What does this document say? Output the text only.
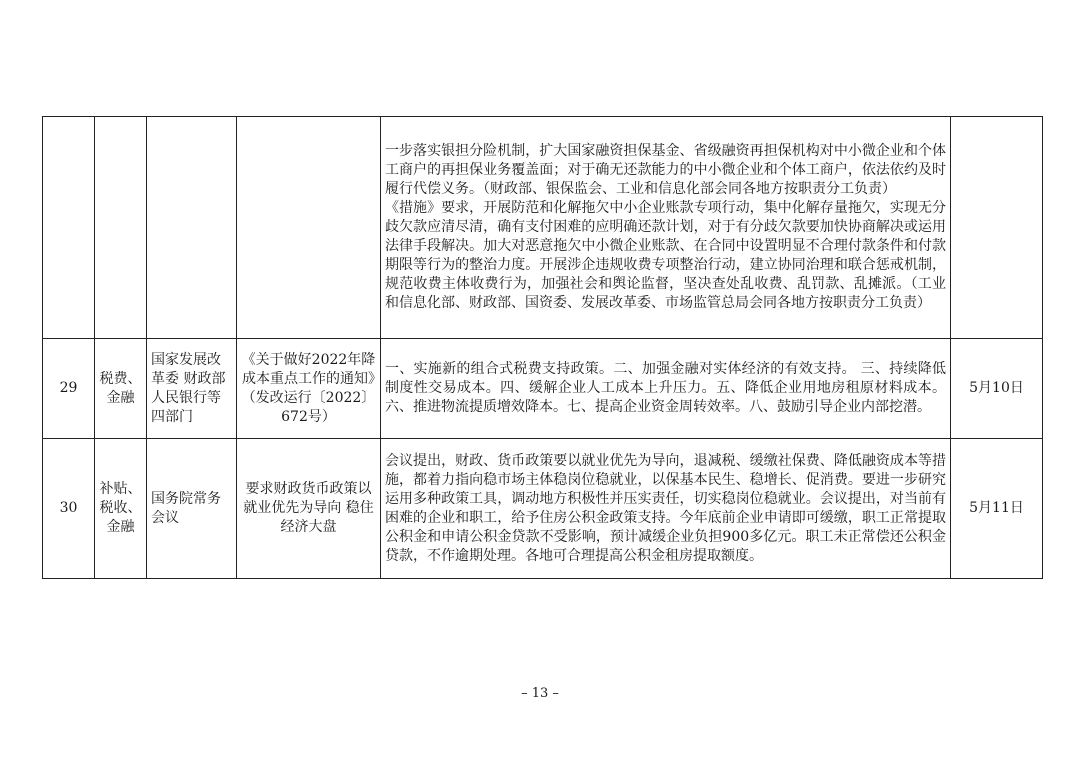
				一步落实银担分险机制，扩大国家融资担保基金、省级融资再担保机构对中小微企业和个体工商户的再担保业务覆盖面；对于确无还款能力的中小微企业和个体工商户，依法依约及时履行代偿义务。（财政部、银保监会、工业和信息化部会同各地方按职责分工负责）
《措施》要求，开展防范和化解拖欠中小企业账款专项行动，集中化解存量拖欠，实现无分歧欠款应清尽清，确有支付困难的应明确还款计划，对于有分歧欠款要加快协商解决或运用法律手段解决。加大对恶意拖欠中小微企业账款、在合同中设置明显不合理付款条件和付款期限等行为的整治力度。开展涉企违规收费专项整治行动，建立协同治理和联合惩戒机制，规范收费主体收费行为，加强社会和舆论监督，坚决查处乱收费、乱罚款、乱摊派。（工业和信息化部、财政部、国资委、发展改革委、市场监管总局会同各地方按职责分工负责）	

29	税费、金融	国家发展改革委 财政部 人民银行等四部门	《关于做好2022年降成本重点工作的通知》（发改运行〔2022〕672号）	一、实施新的组合式税费支持政策。二、加强金融对实体经济的有效支持。 三、持续降低制度性交易成本。四、缓解企业人工成本上升压力。五、降低企业用地房租原材料成本。六、推进物流提质增效降本。七、提高企业资金周转效率。八、鼓励引导企业内部挖潜。	5月10日
30	补贴、税收、金融	国务院常务会议	要求财政货币政策以就业优先为导向 稳住经济大盘	会议提出，财政、货币政策要以就业优先为导向，退减税、缓缴社保费、降低融资成本等措施，都着力指向稳市场主体稳岗位稳就业，以保基本民生、稳增长、促消费。要进一步研究运用多种政策工具，调动地方积极性并压实责任，切实稳岗位稳就业。会议提出，对当前有困难的企业和职工，给予住房公积金政策支持。今年底前企业申请即可缓缴，职工正常提取公积金和申请公积金贷款不受影响，预计减缓企业负担900多亿元。职工未正常偿还公积金贷款，不作逾期处理。各地可合理提高公积金租房提取额度。	5月11日
– 13 –
